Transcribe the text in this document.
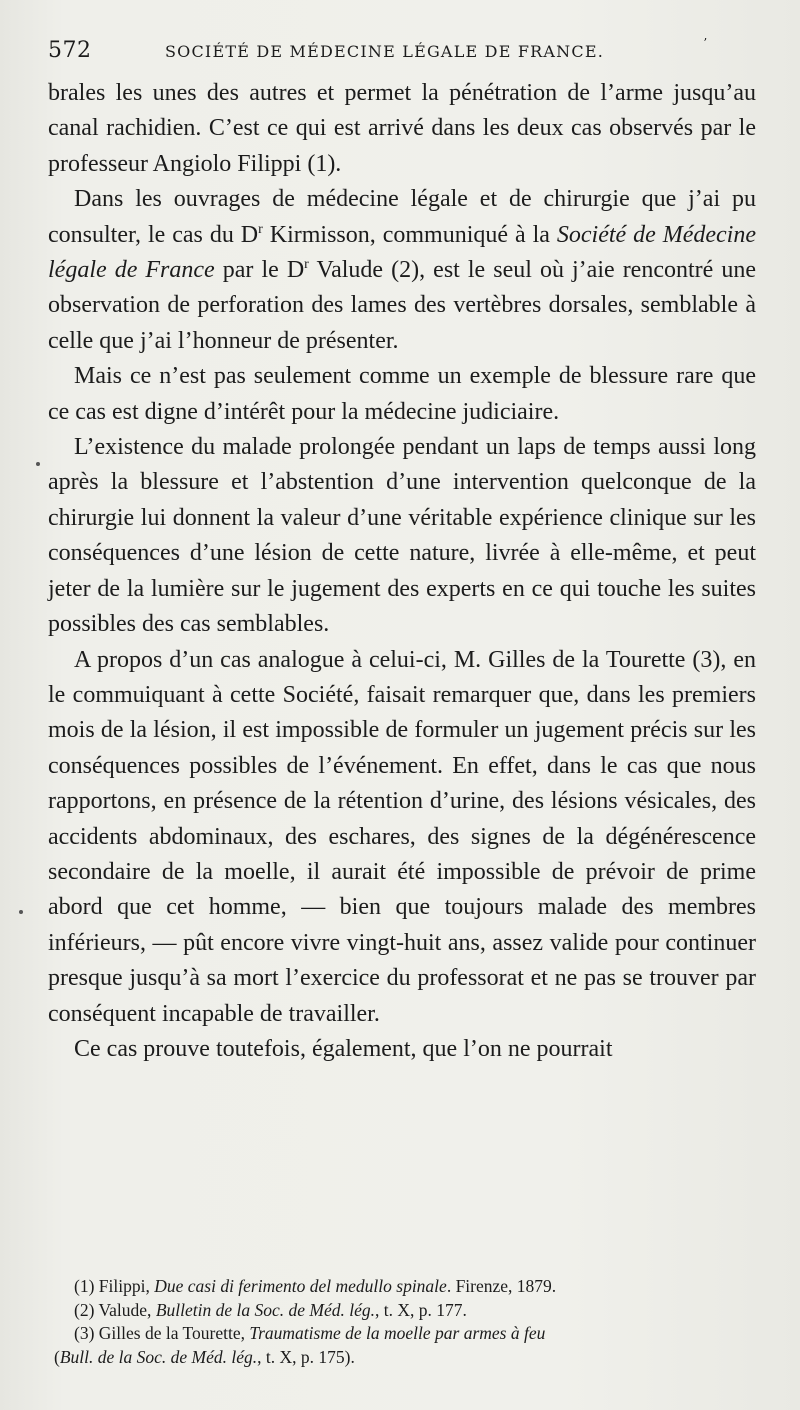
572	SOCIÉTÉ DE MÉDECINE LÉGALE DE FRANCE.	ʼ

brales les unes des autres et permet la pénétration de l’arme jusqu’au canal rachidien. C’est ce qui est arrivé dans les deux cas observés par le professeur Angiolo Filippi (1).

Dans les ouvrages de médecine légale et de chirurgie que j’ai pu consulter, le cas du $D^r$ Kirmisson, communiqué à la Société de Médecine légale de France par le $D^r$ Valude (2), est le seul où j’aie rencontré une observation de perforation des lames des vertèbres dorsales, semblable à celle que j’ai l’honneur de présenter.

Mais ce n’est pas seulement comme un exemple de blessure rare que ce cas est digne d’intérêt pour la médecine judiciaire.

L’existence du malade prolongée pendant un laps de temps aussi long après la blessure et l’abstention d’une intervention quelconque de la chirurgie lui donnent la valeur d’une véritable expérience clinique sur les conséquences d’une lésion de cette nature, livrée à elle-même, et peut jeter de la lumière sur le jugement des experts en ce qui touche les suites possibles des cas semblables.

A propos d’un cas analogue à celui-ci, M. Gilles de la Tourette (3), en le commuiquant à cette Société, faisait remarquer que, dans les premiers mois de la lésion, il est impossible de formuler un jugement précis sur les conséquences possibles de l’événement. En effet, dans le cas que nous rapportons, en présence de la rétention d’urine, des lésions vésicales, des accidents abdominaux, des eschares, des signes de la dégénérescence secondaire de la moelle, il aurait été impossible de prévoir de prime abord que cet homme, — bien que toujours malade des membres inférieurs, — pût encore vivre vingt-huit ans, assez valide pour continuer presque jusqu’à sa mort l’exercice du professorat et ne pas se trouver par conséquent incapable de travailler.

Ce cas prouve toutefois, également, que l’on ne pourrait

(1) Filippi, Due casi di ferimento del medullo spinale. Firenze, 1879.

(2) Valude, Bulletin de la Soc. de Méd. lég., t. X, p. 177.

(3) Gilles de la Tourette, Traumatisme de la moelle par armes à feu

(Bull. de la Soc. de Méd. lég., t. X, p. 175).
